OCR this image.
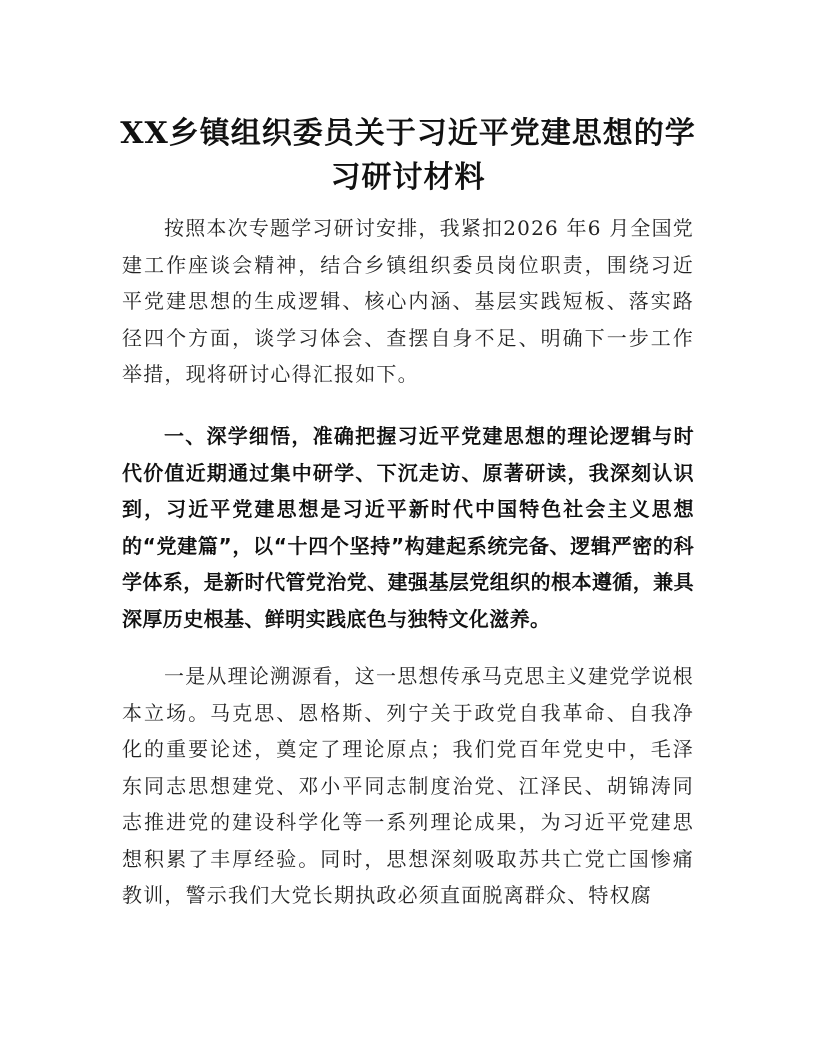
XX乡镇组织委员关于习近平党建思想的学习研讨材料

按照本次专题学习研讨安排，我紧扣2026 年6 月全国党建工作座谈会精神，结合乡镇组织委员岗位职责，围绕习近平党建思想的生成逻辑、核心内涵、基层实践短板、落实路径四个方面，谈学习体会、查摆自身不足、明确下一步工作举措，现将研讨心得汇报如下。

一、深学细悟，准确把握习近平党建思想的理论逻辑与时代价值近期通过集中研学、下沉走访、原著研读，我深刻认识到，习近平党建思想是习近平新时代中国特色社会主义思想的“党建篇”，以“十四个坚持”构建起系统完备、逻辑严密的科学体系，是新时代管党治党、建强基层党组织的根本遵循，兼具深厚历史根基、鲜明实践底色与独特文化滋养。

一是从理论溯源看，这一思想传承马克思主义建党学说根本立场。马克思、恩格斯、列宁关于政党自我革命、自我净化的重要论述，奠定了理论原点；我们党百年党史中，毛泽东同志思想建党、邓小平同志制度治党、江泽民、胡锦涛同志推进党的建设科学化等一系列理论成果，为习近平党建思想积累了丰厚经验。同时，思想深刻吸取苏共亡党亡国惨痛教训，警示我们大党长期执政必须直面脱离群众、特权腐
